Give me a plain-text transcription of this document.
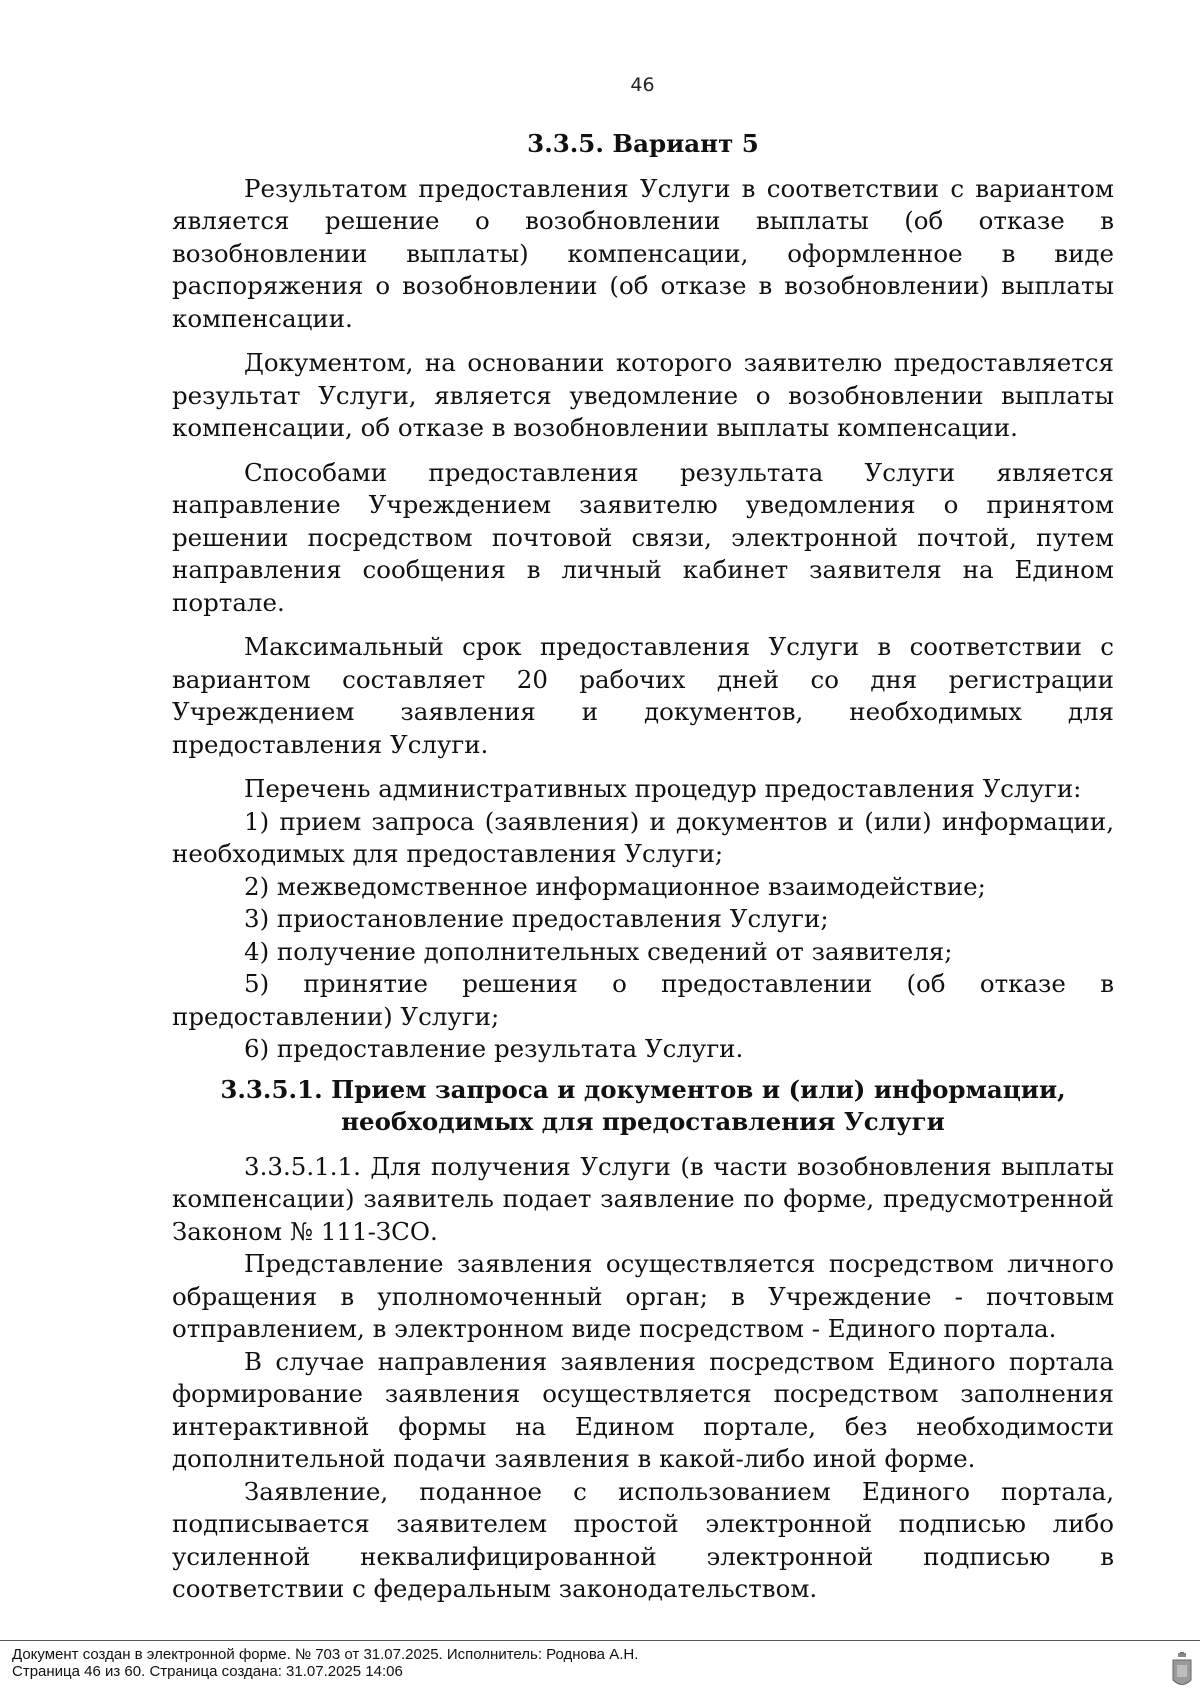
46
3.3.5. Вариант 5

Результатом предоставления Услуги в соответствии с вариантом является решение о возобновлении выплаты (об отказе в возобновлении выплаты) компенсации, оформленное в виде распоряжения о возобновлении (об отказе в возобновлении) выплаты компенсации.

Документом, на основании которого заявителю предоставляется результат Услуги, является уведомление о возобновлении выплаты компенсации, об отказе в возобновлении выплаты компенсации.

Способами предоставления результата Услуги является направление Учреждением заявителю уведомления о принятом решении посредством почтовой связи, электронной почтой, путем направления сообщения в личный кабинет заявителя на Едином портале.

Максимальный срок предоставления Услуги в соответствии с вариантом составляет 20 рабочих дней со дня регистрации Учреждением заявления и документов, необходимых для предоставления Услуги.

Перечень административных процедур предоставления Услуги:

1) прием запроса (заявления) и документов и (или) информации, необходимых для предоставления Услуги;

2) межведомственное информационное взаимодействие;

3) приостановление предоставления Услуги;

4) получение дополнительных сведений от заявителя;

5) принятие решения о предоставлении (об отказе в предоставлении) Услуги;

6) предоставление результата Услуги.

3.3.5.1. Прием запроса и документов и (или) информации, необходимых для предоставления Услуги

3.3.5.1.1. Для получения Услуги (в части возобновления выплаты компенсации) заявитель подает заявление по форме, предусмотренной Законом № 111-ЗСО.

Представление заявления осуществляется посредством личного обращения в уполномоченный орган; в Учреждение - почтовым отправлением, в электронном виде посредством - Единого портала.

В случае направления заявления посредством Единого портала формирование заявления осуществляется посредством заполнения интерактивной формы на Едином портале, без необходимости дополнительной подачи заявления в какой-либо иной форме.

Заявление, поданное с использованием Единого портала, подписывается заявителем простой электронной подписью либо усиленной неквалифицированной электронной подписью в соответствии с федеральным законодательством.

Документ создан в электронной форме. № 703 от 31.07.2025. Исполнитель: Роднова А.Н.
Страница 46 из 60. Страница создана: 31.07.2025 14:06
